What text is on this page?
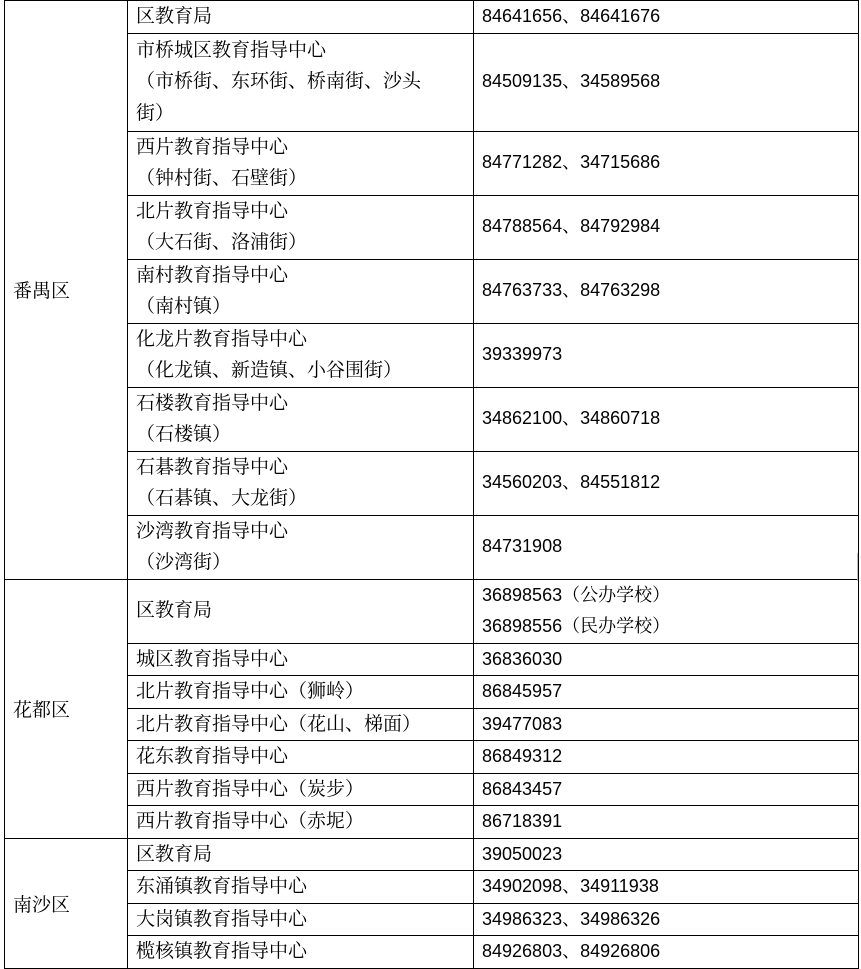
番禺区	区教育局	84641656、84641676

	市桥城区教育指导中心
（市桥街、东环街、桥南街、沙头
街）	84509135、34589568

	西片教育指导中心
（钟村街、石壁街）	84771282、34715686

	北片教育指导中心
（大石街、洛浦街）	84788564、84792984

	南村教育指导中心
（南村镇）	84763733、84763298

	化龙片教育指导中心
（化龙镇、新造镇、小谷围街）	39339973

	石楼教育指导中心
（石楼镇）	34862100、34860718

	石碁教育指导中心
（石碁镇、大龙街）	34560203、84551812

	沙湾教育指导中心
（沙湾街）	84731908

花都区	区教育局	36898563（公办学校）
36898556（民办学校）

	城区教育指导中心	36836030

	北片教育指导中心（狮岭）	86845957

	北片教育指导中心（花山、梯面）	39477083

	花东教育指导中心	86849312

	西片教育指导中心（炭步）	86843457

	西片教育指导中心（赤坭）	86718391

南沙区	区教育局	39050023

	东涌镇教育指导中心	34902098、34911938

	大岗镇教育指导中心	34986323、34986326

	榄核镇教育指导中心	84926803、84926806
